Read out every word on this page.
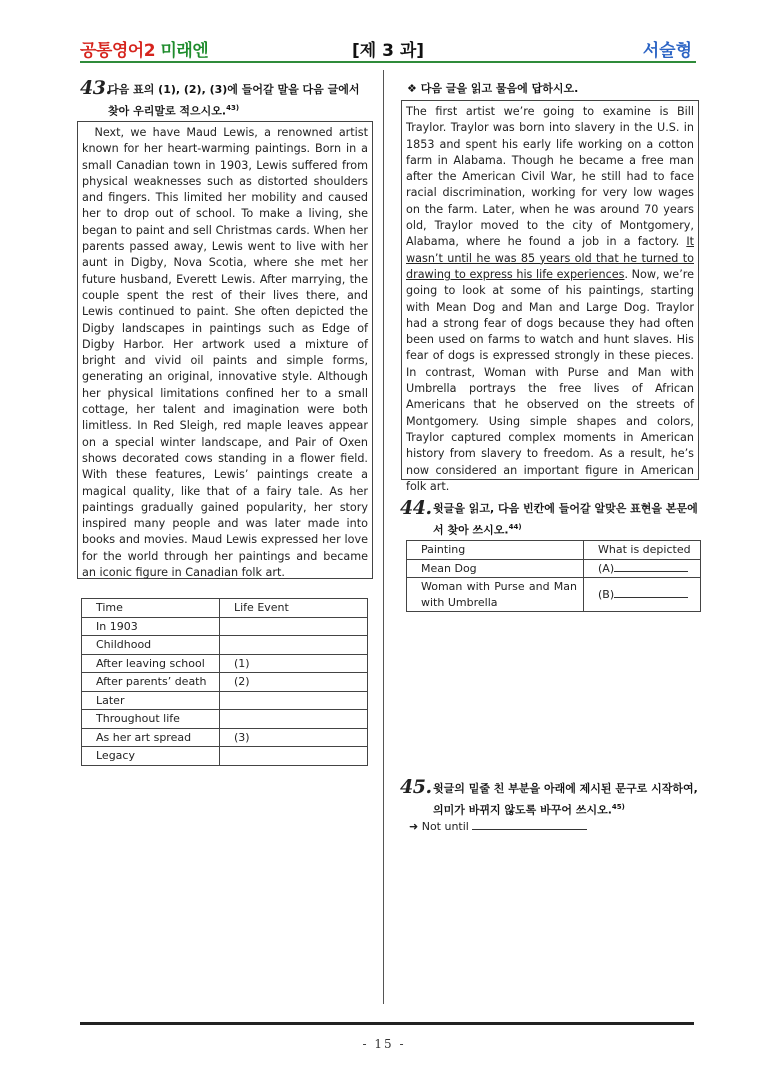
공통영어2 미래엔	[제 3 과]	서술형
43.
다음 표의 (1), (2), (3)에 들어갈 말을 다음 글에서 찾아 우리말로 적으시오.$^{43)}$
Next, we have Maud Lewis, a renowned artist known for her heart-warming paintings. Born in a small Canadian town in 1903, Lewis suffered from physical weaknesses such as distorted shoulders and fingers. This limited her mobility and caused her to drop out of school. To make a living, she began to paint and sell Christmas cards. When her parents passed away, Lewis went to live with her aunt in Digby, Nova Scotia, where she met her future husband, Everett Lewis. After marrying, the couple spent the rest of their lives there, and Lewis continued to paint. She often depicted the Digby landscapes in paintings such as Edge of Digby Harbor. Her artwork used a mixture of bright and vivid oil paints and simple forms, generating an original, innovative style. Although her physical limitations confined her to a small cottage, her talent and imagination were both limitless. In Red Sleigh, red maple leaves appear on a special winter landscape, and Pair of Oxen shows decorated cows standing in a flower field. With these features, Lewis’ paintings create a magical quality, like that of a fairy tale. As her paintings gradually gained popularity, her story inspired many people and was later made into books and movies. Maud Lewis expressed her love for the world through her paintings and became an iconic figure in Canadian folk art.
Time	Life Event
In 1903	
Childhood	
After leaving school	(1)
After parents’ death	(2)
Later	
Throughout life	
As her art spread	(3)
Legacy	
❖ 다음 글을 읽고 물음에 답하시오.
The first artist we’re going to examine is Bill Traylor. Traylor was born into slavery in the U.S. in 1853 and spent his early life working on a cotton farm in Alabama. Though he became a free man after the American Civil War, he still had to face racial discrimination, working for very low wages on the farm. Later, when he was around 70 years old, Traylor moved to the city of Montgomery, Alabama, where he found a job in a factory. It wasn’t until he was 85 years old that he turned to drawing to express his life experiences. Now, we’re going to look at some of his paintings, starting with Mean Dog and Man and Large Dog. Traylor had a strong fear of dogs because they had often been used on farms to watch and hunt slaves. His fear of dogs is expressed strongly in these pieces. In contrast, Woman with Purse and Man with Umbrella portrays the free lives of African Americans that he observed on the streets of Montgomery. Using simple shapes and colors, Traylor captured complex moments in American history from slavery to freedom. As a result, he’s now considered an important figure in American folk art.
44. 윗글을 읽고, 다음 빈칸에 들어갈 알맞은 표현을 본문에서 찾아 쓰시오.$^{44)}$
Painting	What is depicted
Mean Dog	(A)
Woman with Purse and Man with Umbrella	(B)
45. 윗글의 밑줄 친 부분을 아래에 제시된 문구로 시작하여, 의미가 바뀌지 않도록 바꾸어 쓰시오.$^{45)}$
➜ Not until
- 15 -
